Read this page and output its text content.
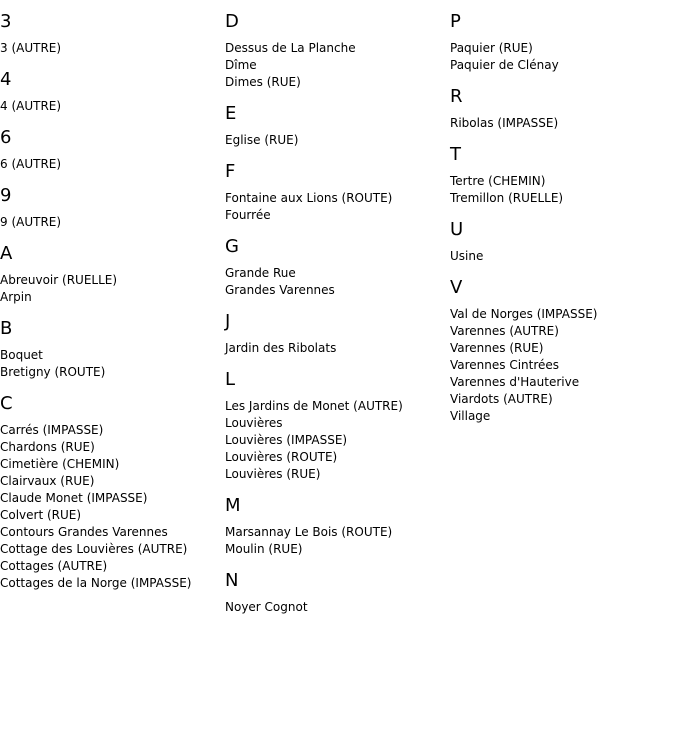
3
3 (AUTRE)
4
4 (AUTRE)
6
6 (AUTRE)
9
9 (AUTRE)
A
Abreuvoir (RUELLE)
Arpin
B
Boquet
Bretigny (ROUTE)
C
Carrés (IMPASSE)
Chardons (RUE)
Cimetière (CHEMIN)
Clairvaux (RUE)
Claude Monet (IMPASSE)
Colvert (RUE)
Contours Grandes Varennes
Cottage des Louvières (AUTRE)
Cottages (AUTRE)
Cottages de la Norge (IMPASSE)
D
Dessus de La Planche
Dîme
Dimes (RUE)
E
Eglise (RUE)
F
Fontaine aux Lions (ROUTE)
Fourrée
G
Grande Rue
Grandes Varennes
J
Jardin des Ribolats
L
Les Jardins de Monet (AUTRE)
Louvières
Louvières (IMPASSE)
Louvières (ROUTE)
Louvières (RUE)
M
Marsannay Le Bois (ROUTE)
Moulin (RUE)
N
Noyer Cognot
P
Paquier (RUE)
Paquier de Clénay
R
Ribolas (IMPASSE)
T
Tertre (CHEMIN)
Tremillon (RUELLE)
U
Usine
V
Val de Norges (IMPASSE)
Varennes (AUTRE)
Varennes (RUE)
Varennes Cintrées
Varennes d'Hauterive
Viardots (AUTRE)
Village
